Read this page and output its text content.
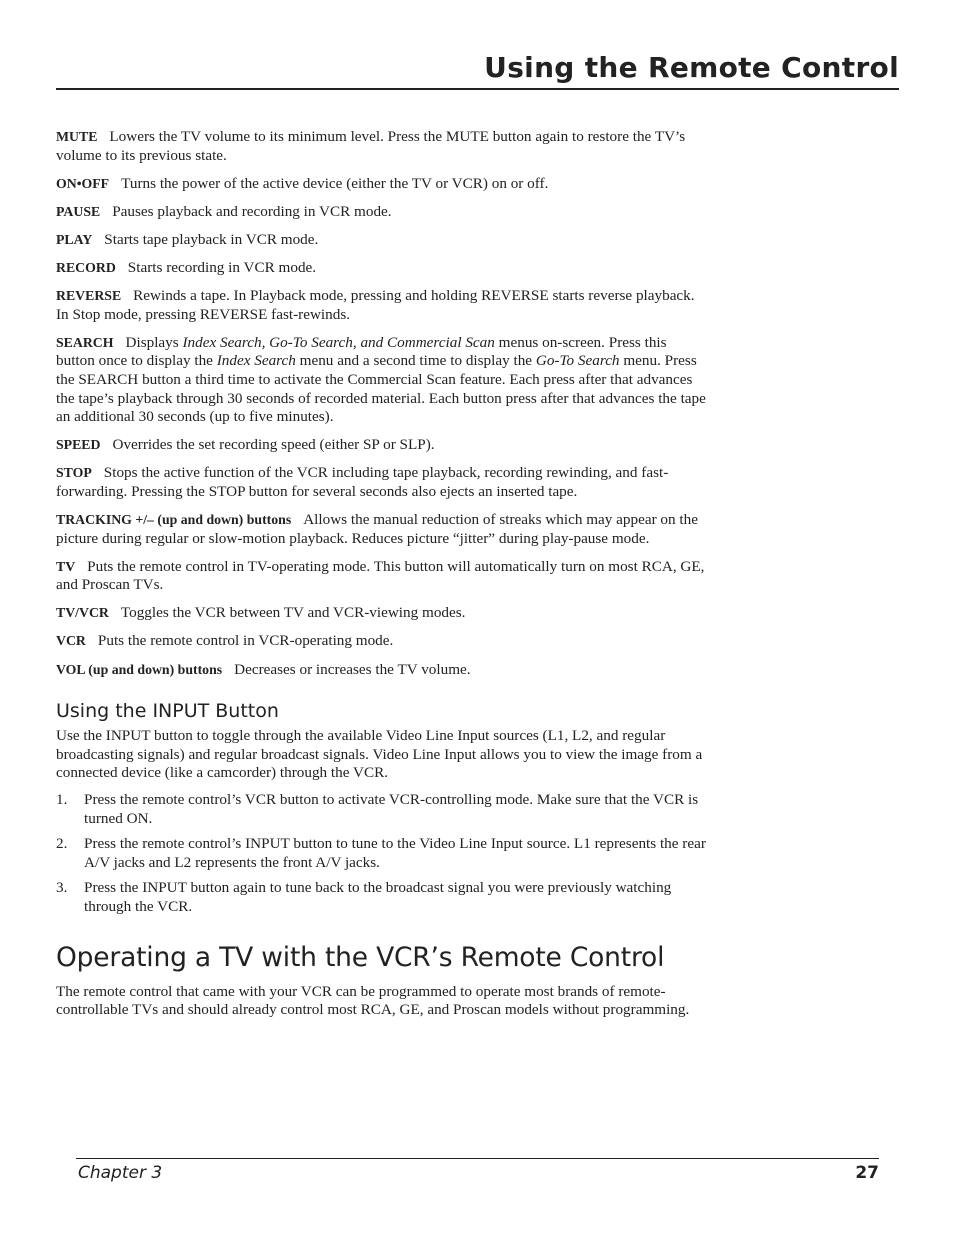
Using the Remote Control

MUTE Lowers the TV volume to its minimum level. Press the MUTE button again to restore the TV’s volume to its previous state.

ON•OFF Turns the power of the active device (either the TV or VCR) on or off.

PAUSE Pauses playback and recording in VCR mode.

PLAY Starts tape playback in VCR mode.

RECORD Starts recording in VCR mode.

REVERSE Rewinds a tape. In Playback mode, pressing and holding REVERSE starts reverse playback. In Stop mode, pressing REVERSE fast-rewinds.

SEARCH Displays Index Search, Go-To Search, and Commercial Scan menus on-screen. Press this button once to display the Index Search menu and a second time to display the Go-To Search menu. Press the SEARCH button a third time to activate the Commercial Scan feature. Each press after that advances the tape’s playback through 30 seconds of recorded material. Each button press after that advances the tape an additional 30 seconds (up to five minutes).

SPEED Overrides the set recording speed (either SP or SLP).

STOP Stops the active function of the VCR including tape playback, recording rewinding, and fast-forwarding. Pressing the STOP button for several seconds also ejects an inserted tape.

TRACKING +/– (up and down) buttons Allows the manual reduction of streaks which may appear on the picture during regular or slow-motion playback. Reduces picture “jitter” during play-pause mode.

TV Puts the remote control in TV-operating mode. This button will automatically turn on most RCA, GE, and Proscan TVs.

TV/VCR Toggles the VCR between TV and VCR-viewing modes.

VCR Puts the remote control in VCR-operating mode.

VOL (up and down) buttons Decreases or increases the TV volume.

Using the INPUT Button

Use the INPUT button to toggle through the available Video Line Input sources (L1, L2, and regular broadcasting signals) and regular broadcast signals. Video Line Input allows you to view the image from a connected device (like a camcorder) through the VCR.

1. Press the remote control’s VCR button to activate VCR-controlling mode. Make sure that the VCR is turned ON.
2. Press the remote control’s INPUT button to tune to the Video Line Input source. L1 represents the rear A/V jacks and L2 represents the front A/V jacks.
3. Press the INPUT button again to tune back to the broadcast signal you were previously watching through the VCR.
Operating a TV with the VCR’s Remote Control

The remote control that came with your VCR can be programmed to operate most brands of remote-controllable TVs and should already control most RCA, GE, and Proscan models without programming.

Chapter 3	27
